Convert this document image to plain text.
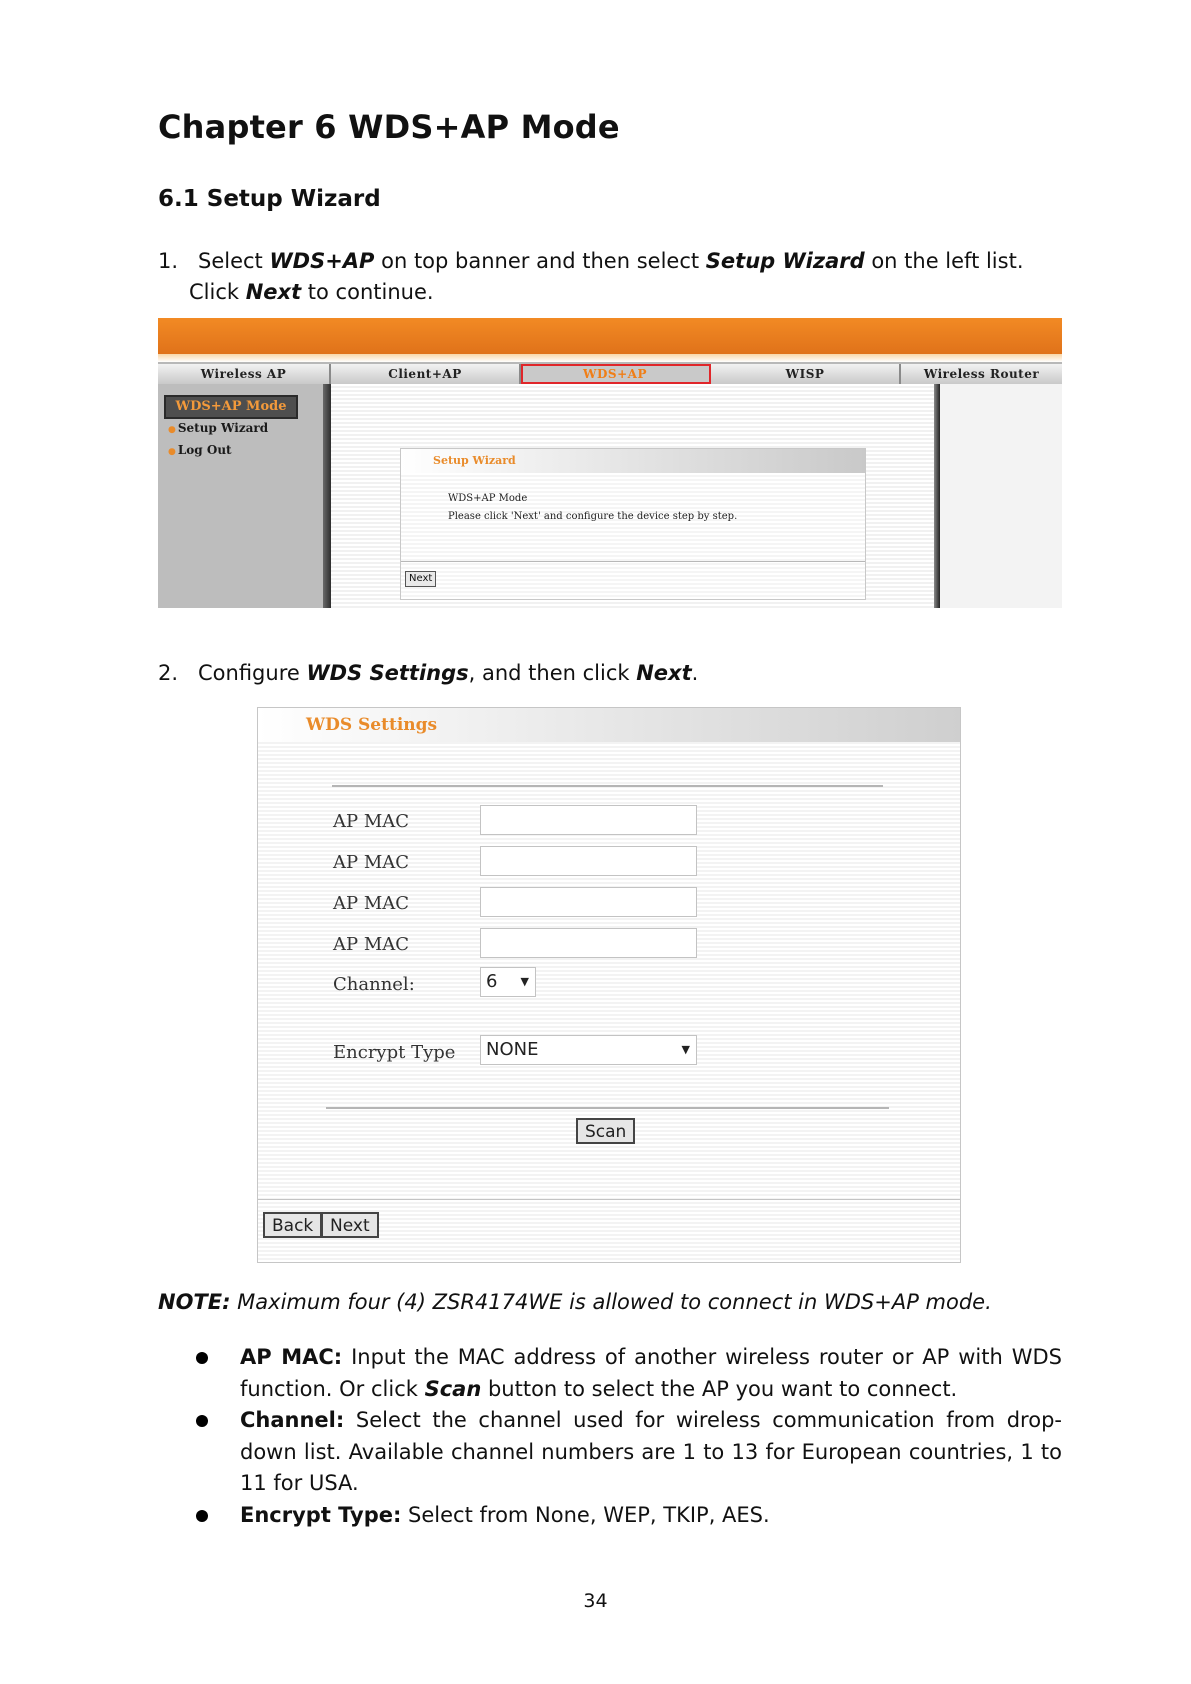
Chapter 6 WDS+AP Mode
6.1 Setup Wizard
1. Select WDS+AP on top banner and then select Setup Wizard on the left list.
Click Next to continue.
Wireless AP	Client+AP	WDS+AP	WISP	Wireless Router
WDS+AP Mode
● Setup Wizard
● Log Out
Setup Wizard
WDS+AP Mode
Please click 'Next' and configure the device step by step.
Next
2. Configure WDS Settings, and then click Next.
WDS Settings
AP MAC
AP MAC
AP MAC
AP MAC
Channel:	6 ▼
Encrypt Type	NONE	▼
Scan
Back Next
NOTE: Maximum four (4) ZSR4174WE is allowed to connect in WDS+AP mode.
AP MAC: Input the MAC address of another wireless router or AP with WDS function. Or click Scan button to select the AP you want to connect.
Channel: Select the channel used for wireless communication from drop-down list. Available channel numbers are 1 to 13 for European countries, 1 to 11 for USA.
Encrypt Type: Select from None, WEP, TKIP, AES.
34
